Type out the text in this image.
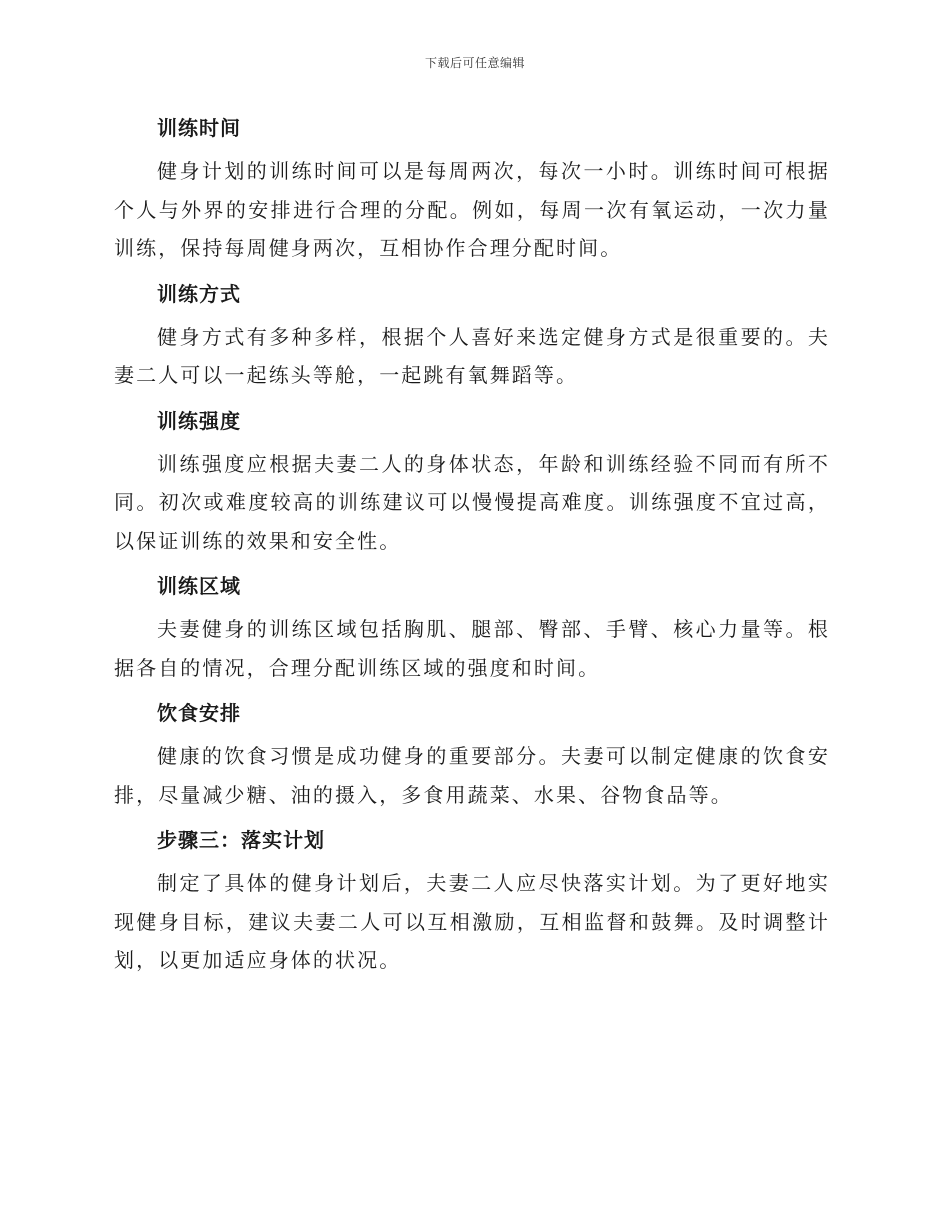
下载后可任意编辑
训练时间

健身计划的训练时间可以是每周两次，每次一小时。训练时间可根据个人与外界的安排进行合理的分配。例如，每周一次有氧运动，一次力量训练，保持每周健身两次，互相协作合理分配时间。

训练方式

健身方式有多种多样，根据个人喜好来选定健身方式是很重要的。夫妻二人可以一起练头等舱，一起跳有氧舞蹈等。

训练强度

训练强度应根据夫妻二人的身体状态，年龄和训练经验不同而有所不同。初次或难度较高的训练建议可以慢慢提高难度。训练强度不宜过高，以保证训练的效果和安全性。

训练区域

夫妻健身的训练区域包括胸肌、腿部、臀部、手臂、核心力量等。根据各自的情况，合理分配训练区域的强度和时间。

饮食安排

健康的饮食习惯是成功健身的重要部分。夫妻可以制定健康的饮食安排，尽量减少糖、油的摄入，多食用蔬菜、水果、谷物食品等。

步骤三：落实计划

制定了具体的健身计划后，夫妻二人应尽快落实计划。为了更好地实现健身目标，建议夫妻二人可以互相激励，互相监督和鼓舞。及时调整计划，以更加适应身体的状况。
